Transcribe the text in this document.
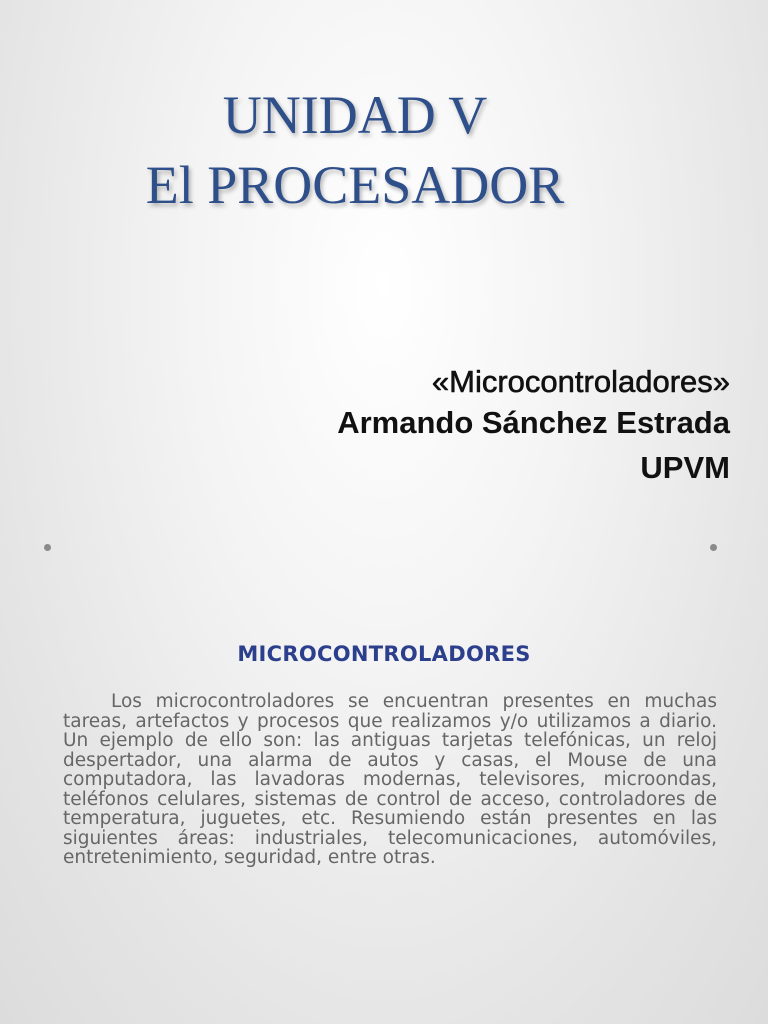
UNIDAD V
El PROCESADOR
«Microcontroladores»
Armando Sánchez Estrada
UPVM
MICROCONTROLADORES

Los microcontroladores se encuentran presentes en muchas tareas, artefactos y procesos que realizamos y/o utilizamos a diario. Un ejemplo de ello son: las antiguas tarjetas telefónicas, un reloj despertador, una alarma de autos y casas, el Mouse de una computadora, las lavadoras modernas, televisores, microondas, teléfonos celulares, sistemas de control de acceso, controladores de temperatura, juguetes, etc. Resumiendo están presentes en las siguientes áreas: industriales, telecomunicaciones, automóviles, entretenimiento, seguridad, entre otras.
